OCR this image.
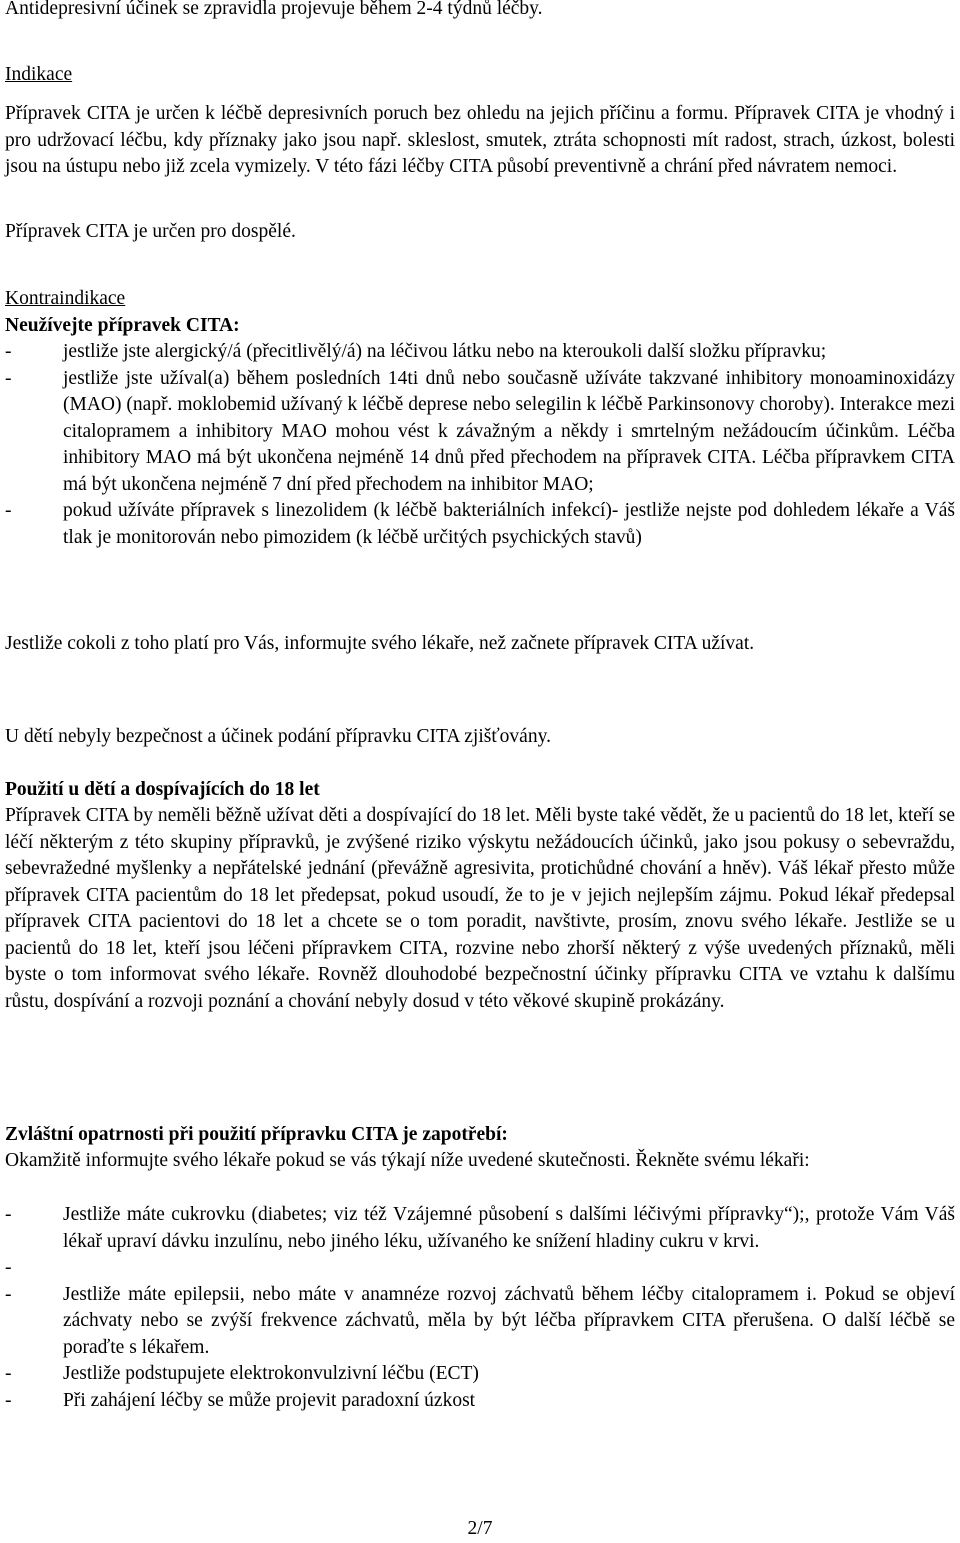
Antidepresivní účinek se zpravidla projevuje během 2-4 týdnů léčby.

Indikace

Přípravek CITA je určen k léčbě depresivních poruch bez ohledu na jejich příčinu a formu. Přípravek CITA je vhodný i pro udržovací léčbu, kdy příznaky jako jsou např. skleslost, smutek, ztráta schopnosti mít radost, strach, úzkost, bolesti jsou na ústupu nebo již zcela vymizely. V této fázi léčby CITA působí preventivně a chrání před návratem nemoci.

Přípravek CITA je určen pro dospělé.

Kontraindikace

Neužívejte přípravek CITA:

-	jestliže jste alergický/á (přecitlivělý/á) na léčivou látku nebo na kteroukoli další složku přípravku;
-	jestliže jste užíval(a) během posledních 14ti dnů nebo současně užíváte takzvané inhibitory monoaminoxidázy (MAO) (např. moklobemid užívaný k léčbě deprese nebo selegilin k léčbě Parkinsonovy choroby). Interakce mezi citalopramem a inhibitory MAO mohou vést k závažným a někdy i smrtelným nežádoucím účinkům. Léčba inhibitory MAO má být ukončena nejméně 14 dnů před přechodem na přípravek CITA. Léčba přípravkem CITA má být ukončena nejméně 7 dní před přechodem na inhibitor MAO;
-	pokud užíváte přípravek s linezolidem (k léčbě bakteriálních infekcí)- jestliže nejste pod dohledem lékaře a Váš tlak je monitorován nebo pimozidem (k léčbě určitých psychických stavů)

Jestliže cokoli z toho platí pro Vás, informujte svého lékaře, než začnete přípravek CITA užívat.

U dětí nebyly bezpečnost a účinek podání přípravku CITA zjišťovány.

Použití u dětí a dospívajících do 18 let

Přípravek CITA by neměli běžně užívat děti a dospívající do 18 let. Měli byste také vědět, že u pacientů do 18 let, kteří se léčí některým z této skupiny přípravků, je zvýšené riziko výskytu nežádoucích účinků, jako jsou pokusy o sebevraždu, sebevražedné myšlenky a nepřátelské jednání (převážně agresivita, protichůdné chování a hněv). Váš lékař přesto může přípravek CITA pacientům do 18 let předepsat, pokud usoudí, že to je v jejich nejlepším zájmu. Pokud lékař předepsal přípravek CITA pacientovi do 18 let a chcete se o tom poradit, navštivte, prosím, znovu svého lékaře. Jestliže se u pacientů do 18 let, kteří jsou léčeni přípravkem CITA, rozvine nebo zhorší některý z výše uvedených příznaků, měli byste o tom informovat svého lékaře. Rovněž dlouhodobé bezpečnostní účinky přípravku CITA ve vztahu k dalšímu růstu, dospívání a rozvoji poznání a chování nebyly dosud v této věkové skupině prokázány.

Zvláštní opatrnosti při použití přípravku CITA je zapotřebí:

Okamžitě informujte svého lékaře pokud se vás týkají níže uvedené skutečnosti. Řekněte svému lékaři:

-	Jestliže máte cukrovku (diabetes; viz též Vzájemné působení s dalšími léčivými přípravky“);, protože Vám Váš lékař upraví dávku inzulínu, nebo jiného léku, užívaného ke snížení hladiny cukru v krvi.
-
-	Jestliže máte epilepsii, nebo máte v anamnéze rozvoj záchvatů během léčby citalopramem i. Pokud se objeví záchvaty nebo se zvýší frekvence záchvatů, měla by být léčba přípravkem CITA přerušena. O další léčbě se poraďte s lékařem.
-	Jestliže podstupujete elektrokonvulzivní léčbu (ECT)
-	Při zahájení léčby se může projevit paradoxní úzkost
2/7
